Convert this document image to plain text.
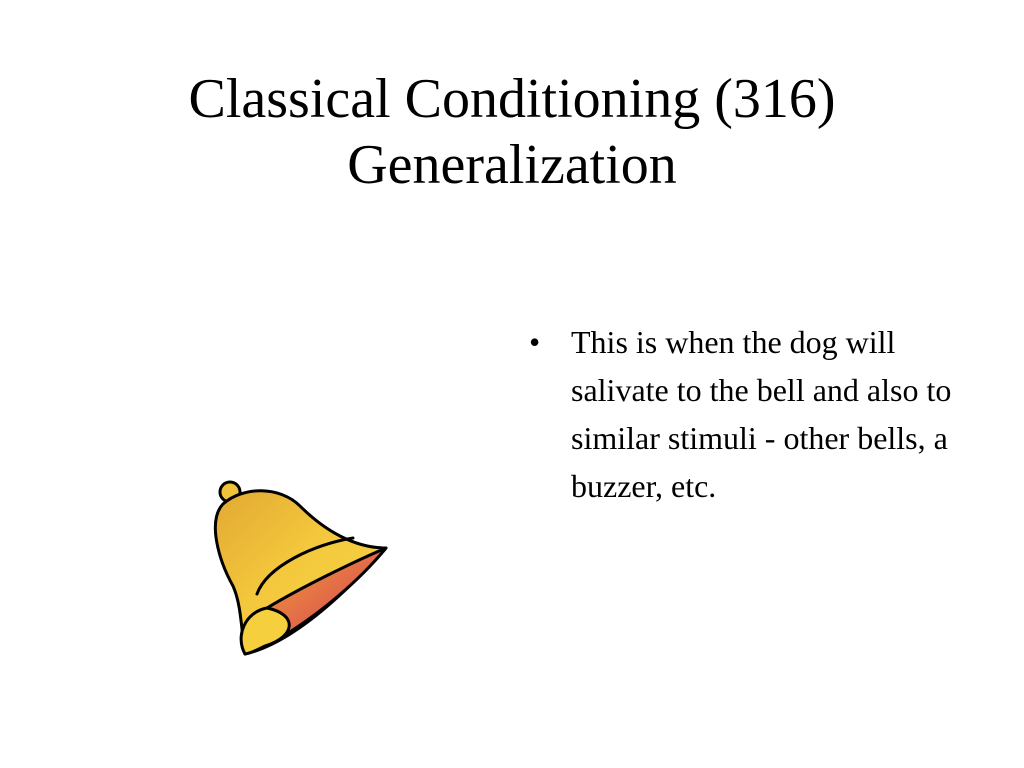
Classical Conditioning (316)
Generalization
• This is when the dog will salivate to the bell and also to similar stimuli - other bells, a buzzer, etc.
